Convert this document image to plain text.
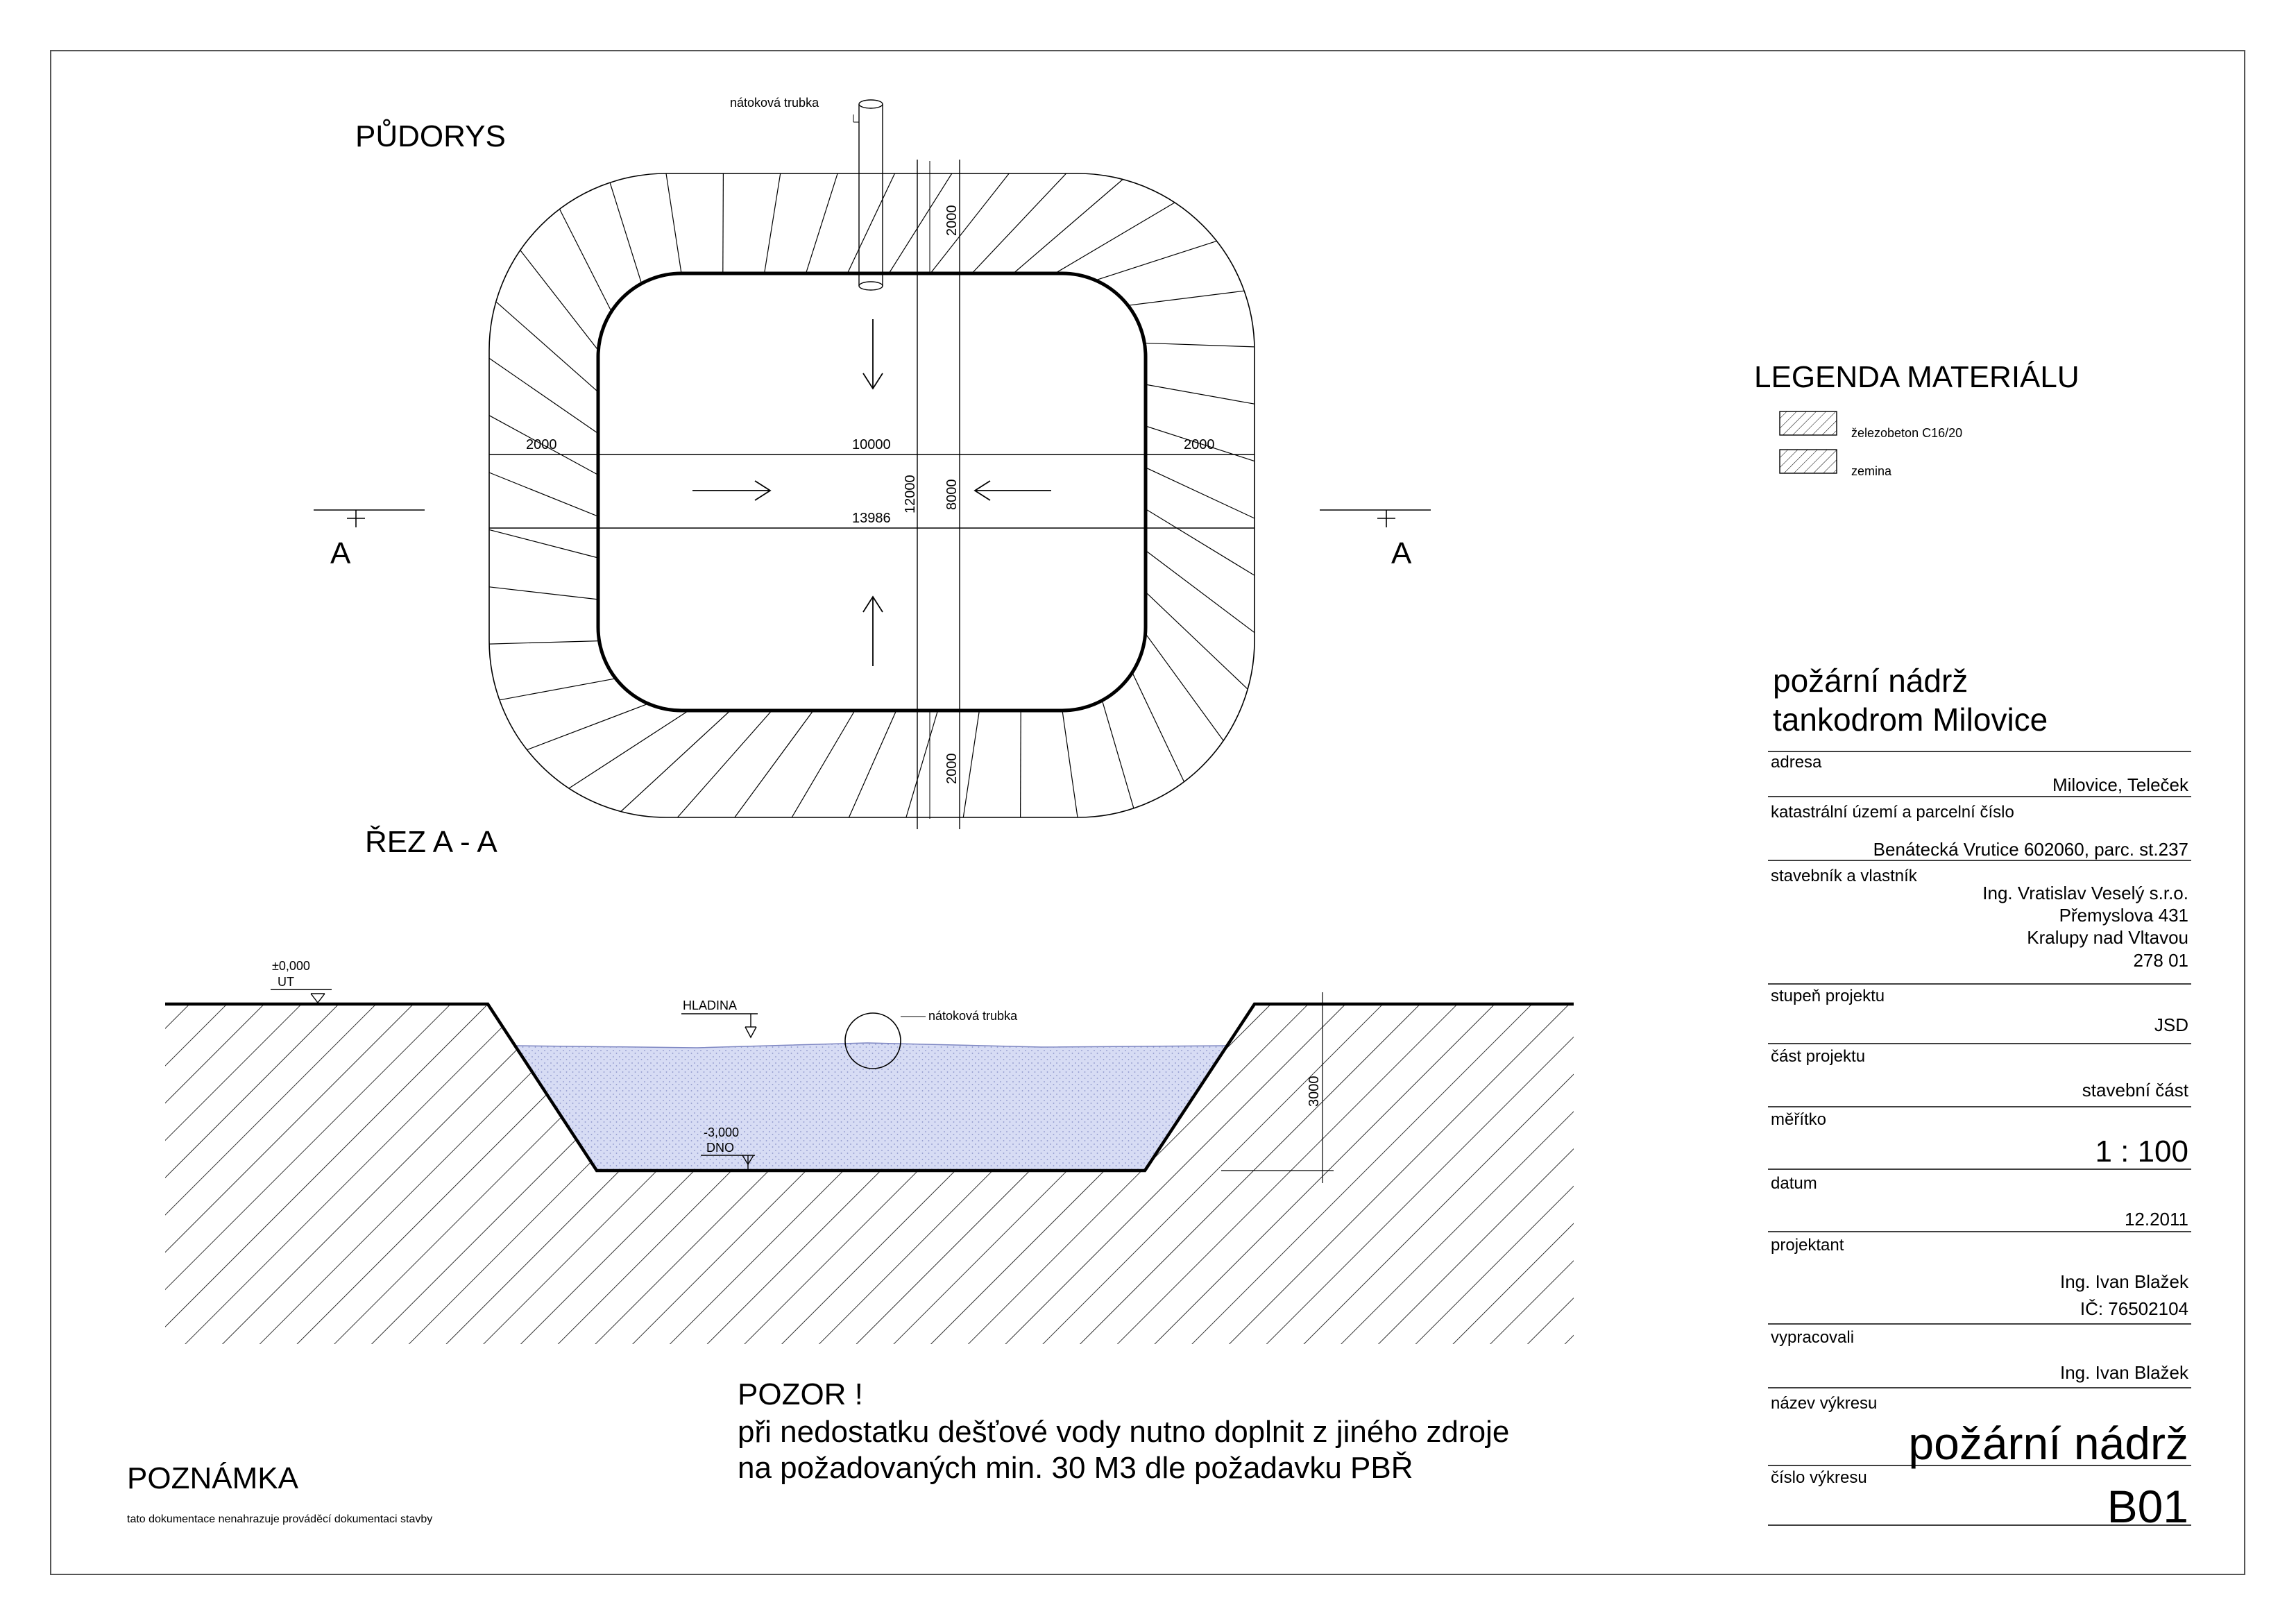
PŮDORYS
nátoková trubka
2000
2000
2000	2000
10000
13986
12000 8000
A	A
ŘEZ A - A
nátoková trubka
±0,000
UT
HLADINA
-3,000
DNO
3000
LEGENDA MATERIÁLU
železobeton C16/20
zemina
POZOR !
při nedostatku dešťové vody nutno doplnit z jiného zdroje
na požadovaných min. 30 M3 dle požadavku PBŘ
POZNÁMKA
tato dokumentace nenahrazuje prováděcí dokumentaci stavby
požární nádrž
tankodrom Milovice
adresa
Milovice, Teleček
katastrální území a parcelní číslo
Benátecká Vrutice 602060, parc. st.237
stavebník a vlastník
Ing. Vratislav Veselý s.r.o.
Přemyslova 431
Kralupy nad Vltavou
278 01
stupeň projektu
JSD
část projektu
stavební část
měřítko
1 : 100
datum
12.2011
projektant
Ing. Ivan Blažek
IČ: 76502104
vypracovali
Ing. Ivan Blažek
název výkresu
požární nádrž
číslo výkresu
B01
